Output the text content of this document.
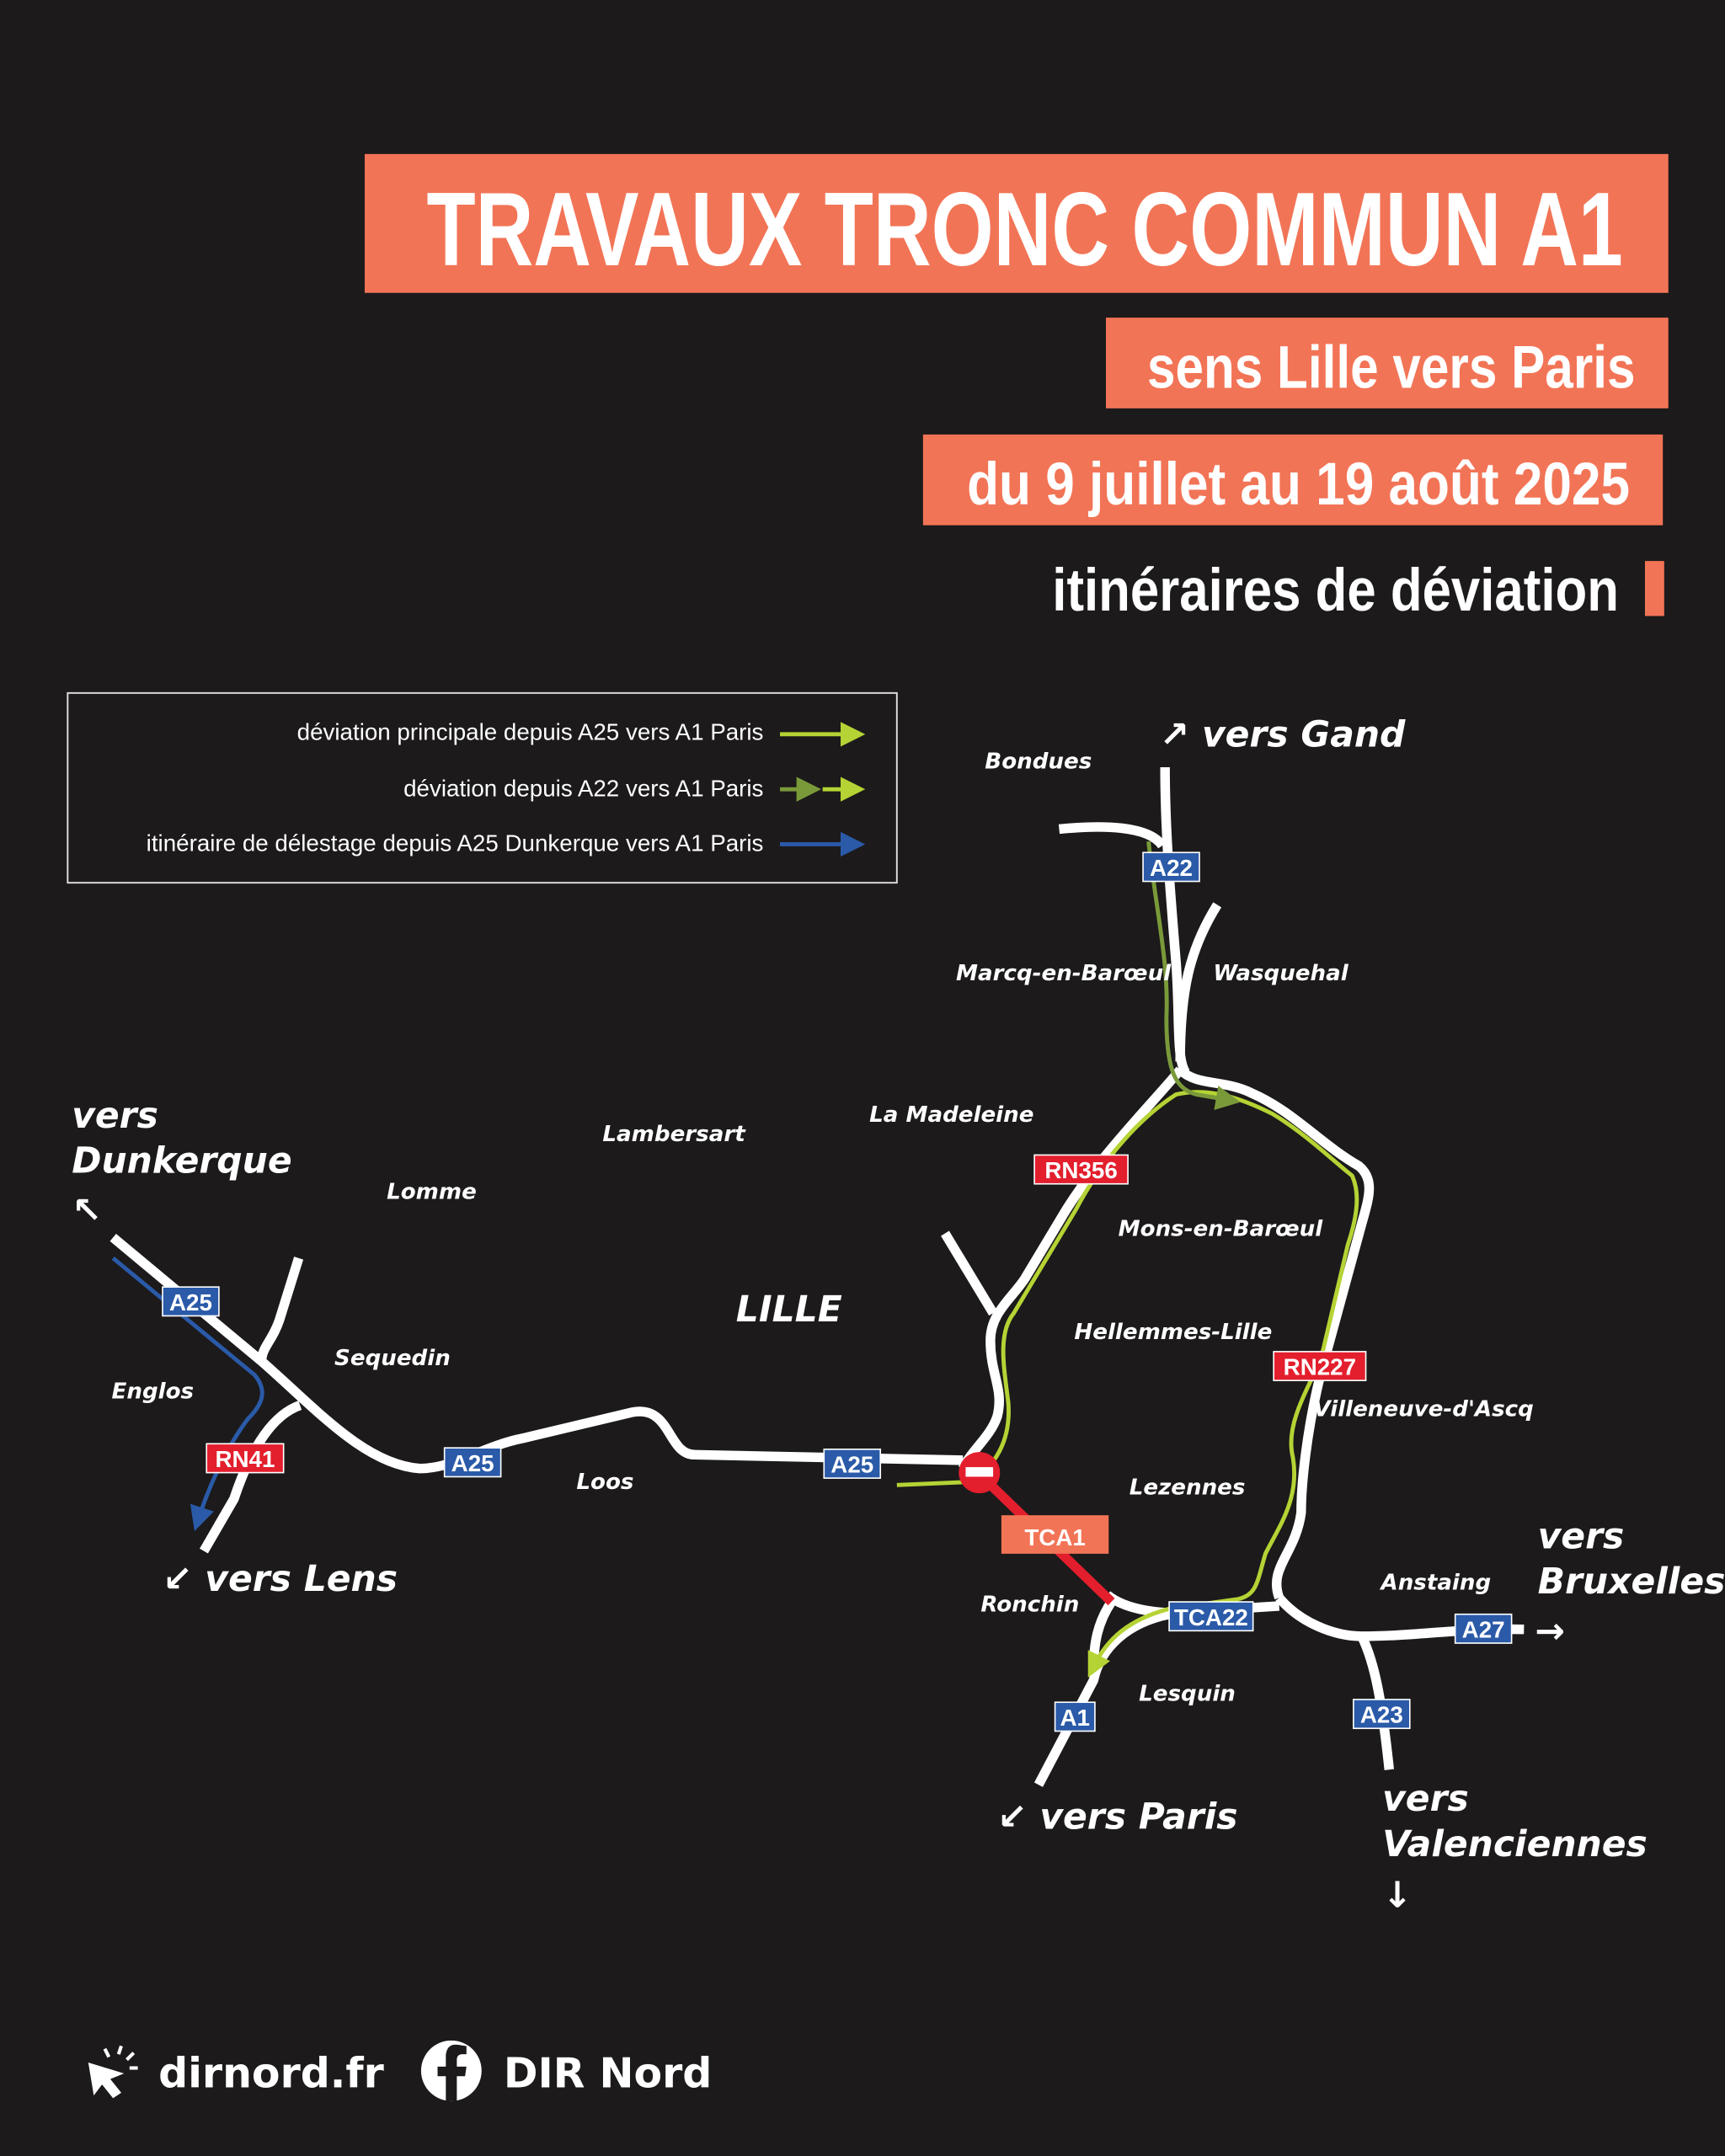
TRAVAUX TRONC COMMUN A1
sens Lille vers Paris
du 9 juillet au 19 août 2025
itinéraires de déviation
déviation principale depuis A25 vers A1 Paris
déviation depuis A22 vers A1 Paris
itinéraire de délestage depuis A25 Dunkerque vers A1 Paris
Bondues
Marcq-en-Barœul	Wasquehal
La Madeleine
Lambersart
Lomme
Mons-en-Barœul
Hellemmes-Lille
Villeneuve-d'Ascq
Sequedin
Englos
Loos	Lezennes
Ronchin
Anstaing
Lesquin
LILLE
↗ vers Gand
vers
Dunkerque
↖
↙ vers Lens
↙ vers Paris
vers
Bruxelles
→
vers
Valenciennes
↓
A22
A25
A25	A25
RN41
RN356
RN227
TCA1
TCA22	A27
A23
A1
dirnord.fr	DIR Nord
